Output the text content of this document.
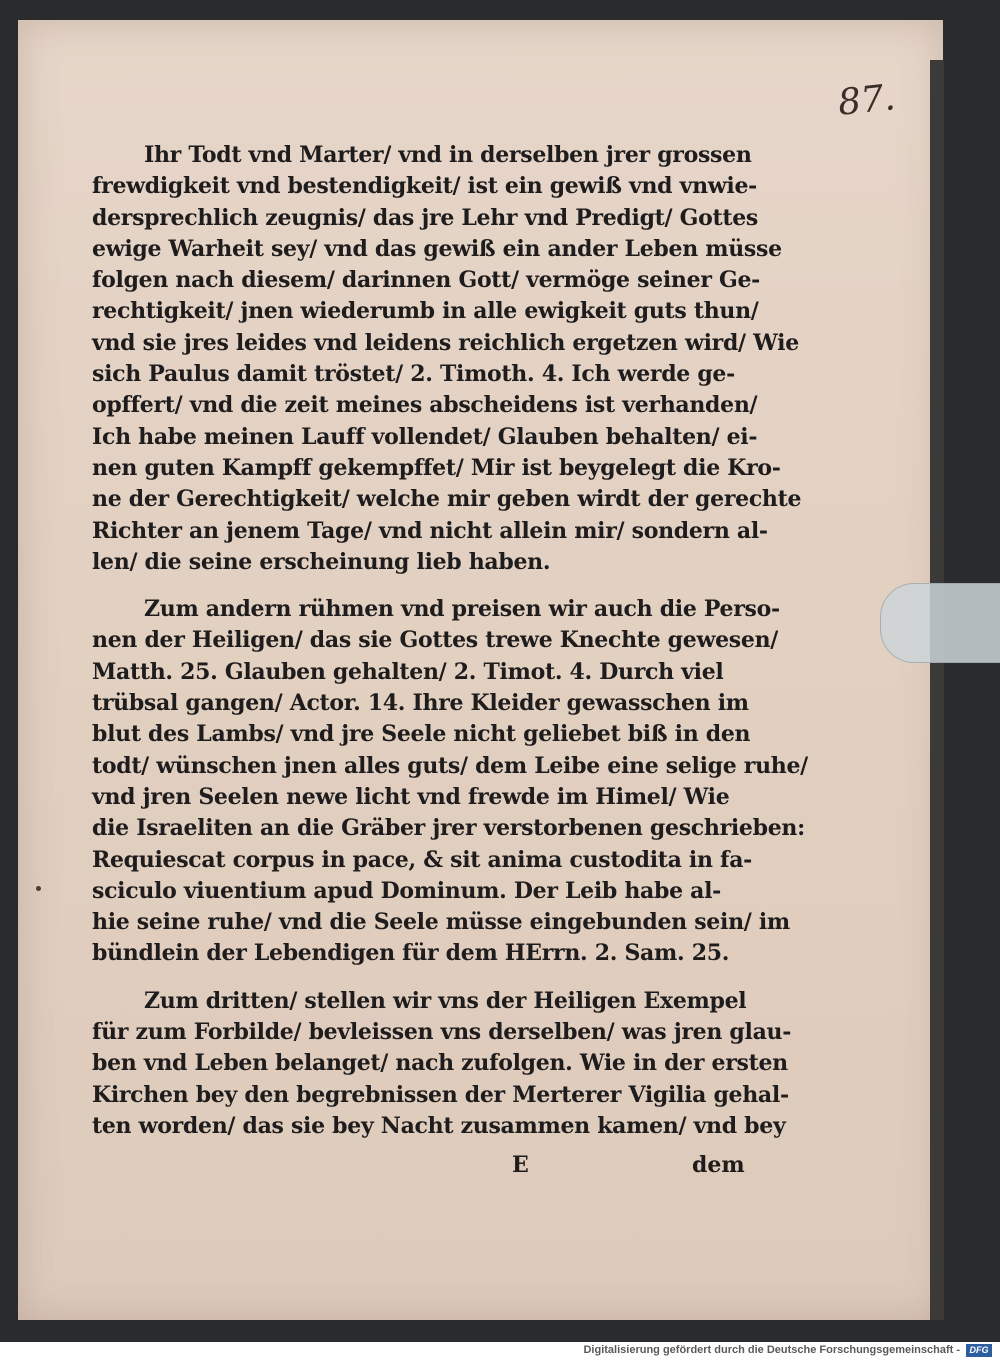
87.
Ihr Todt vnd Marter/ vnd in derselben jrer grossen
frewdigkeit vnd bestendigkeit/ ist ein gewiß vnd vnwie-
dersprechlich zeugnis/ das jre Lehr vnd Predigt/ Gottes
ewige Warheit sey/ vnd das gewiß ein ander Leben müsse
folgen nach diesem/ darinnen Gott/ vermöge seiner Ge-
rechtigkeit/ jnen wiederumb in alle ewigkeit guts thun/
vnd sie jres leides vnd leidens reichlich ergetzen wird/ Wie
sich Paulus damit tröstet/ 2. Timoth. 4. Ich werde ge-
opffert/ vnd die zeit meines abscheidens ist verhanden/
Ich habe meinen Lauff vollendet/ Glauben behalten/ ei-
nen guten Kampff gekempffet/ Mir ist beygelegt die Kro-
ne der Gerechtigkeit/ welche mir geben wirdt der gerechte
Richter an jenem Tage/ vnd nicht allein mir/ sondern al-
len/ die seine erscheinung lieb haben.
Zum andern rühmen vnd preisen wir auch die Perso-
nen der Heiligen/ das sie Gottes trewe Knechte gewesen/
Matth. 25. Glauben gehalten/ 2. Timot. 4. Durch viel
trübsal gangen/ Actor. 14. Ihre Kleider gewasschen im
blut des Lambs/ vnd jre Seele nicht geliebet biß in den
todt/ wünschen jnen alles guts/ dem Leibe eine selige ruhe/
vnd jren Seelen newe licht vnd frewde im Himel/ Wie
die Israeliten an die Gräber jrer verstorbenen geschrieben:
Requiescat corpus in pace, & sit anima custodita in fa-
sciculo viuentium apud Dominum. Der Leib habe al-
hie seine ruhe/ vnd die Seele müsse eingebunden sein/ im
bündlein der Lebendigen für dem HErrn. 2. Sam. 25.
Zum dritten/ stellen wir vns der Heiligen Exempel
für zum Forbilde/ bevleissen vns derselben/ was jren glau-
ben vnd Leben belanget/ nach zufolgen. Wie in der ersten
Kirchen bey den begrebnissen der Merterer Vigilia gehal-
ten worden/ das sie bey Nacht zusammen kamen/ vnd bey
E	dem
Digitalisierung gefördert durch die Deutsche Forschungsgemeinschaft -	DFG
